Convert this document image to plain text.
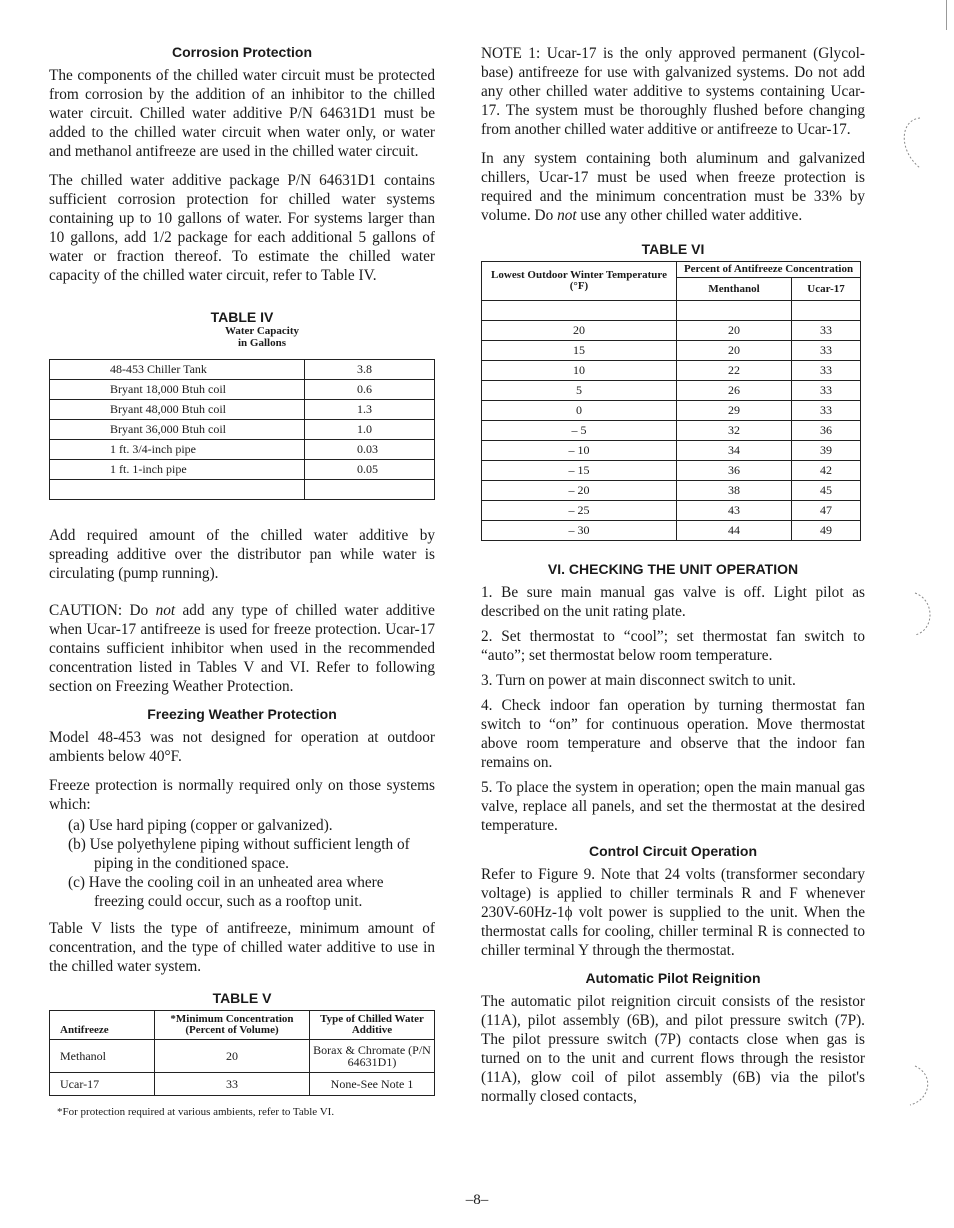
Corrosion Protection

The components of the chilled water circuit must be protected from corrosion by the addition of an inhibitor to the chilled water circuit. Chilled water additive P/N 64631D1 must be added to the chilled water circuit when water only, or water and methanol antifreeze are used in the chilled water circuit.

The chilled water additive package P/N 64631D1 contains sufficient corrosion protection for chilled water systems containing up to 10 gallons of water. For systems larger than 10 gallons, add 1/2 package for each additional 5 gallons of water or fraction thereof. To estimate the chilled water capacity of the chilled water circuit, refer to Table IV.

TABLE IV
Water Capacity
in Gallons
48-453 Chiller Tank	3.8
Bryant 18,000 Btuh coil	0.6
Bryant 48,000 Btuh coil	1.3
Bryant 36,000 Btuh coil	1.0
1 ft. 3/4-inch pipe	0.03
1 ft. 1-inch pipe	0.05

Add required amount of the chilled water additive by spreading additive over the distributor pan while water is circulating (pump running).

CAUTION: Do not add any type of chilled water additive when Ucar-17 antifreeze is used for freeze protection. Ucar-17 contains sufficient inhibitor when used in the recommended concentration listed in Tables V and VI. Refer to following section on Freezing Weather Protection.

Freezing Weather Protection

Model 48-453 was not designed for operation at outdoor ambients below 40°F.

Freeze protection is normally required only on those systems which:

(a) Use hard piping (copper or galvanized).
(b) Use polyethylene piping without sufficient length of piping in the conditioned space.
(c) Have the cooling coil in an unheated area where freezing could occur, such as a rooftop unit.

Table V lists the type of antifreeze, minimum amount of concentration, and the type of chilled water additive to use in the chilled water system.

TABLE V
Antifreeze	*Minimum Concentration (Percent of Volume)	Type of Chilled Water Additive
Methanol	20	Borax & Chromate (P/N 64631D1)
Ucar-17	33	None-See Note 1
*For protection required at various ambients, refer to Table VI.

NOTE 1: Ucar-17 is the only approved permanent (Glycol-base) antifreeze for use with galvanized systems. Do not add any other chilled water additive to systems containing Ucar-17. The system must be thoroughly flushed before changing from another chilled water additive or antifreeze to Ucar-17.

In any system containing both aluminum and galvanized chillers, Ucar-17 must be used when freeze protection is required and the minimum concentration must be 33% by volume. Do not use any other chilled water additive.

TABLE VI
Lowest Outdoor Winter Temperature (°F)	Percent of Antifreeze Concentration	
	Menthanol	Ucar-17

20	20	33
15	20	33
10	22	33
5	26	33
0	29	33
– 5	32	36
– 10	34	39
– 15	36	42
– 20	38	45
– 25	43	47
– 30	44	49
VI. CHECKING THE UNIT OPERATION

1. Be sure main manual gas valve is off. Light pilot as described on the unit rating plate.

2. Set thermostat to “cool”; set thermostat fan switch to “auto”; set thermostat below room temperature.

3. Turn on power at main disconnect switch to unit.

4. Check indoor fan operation by turning thermostat fan switch to “on” for continuous operation. Move thermostat above room temperature and observe that the indoor fan remains on.

5. To place the system in operation; open the main manual gas valve, replace all panels, and set the thermostat at the desired temperature.

Control Circuit Operation

Refer to Figure 9. Note that 24 volts (transformer secondary voltage) is applied to chiller terminals R and F whenever 230V-60Hz-1ϕ volt power is supplied to the unit. When the thermostat calls for cooling, chiller terminal R is connected to chiller terminal Y through the thermostat.

Automatic Pilot Reignition

The automatic pilot reignition circuit consists of the resistor (11A), pilot assembly (6B), and pilot pressure switch (7P). The pilot pressure switch (7P) contacts close when gas is turned on to the unit and current flows through the resistor (11A), glow coil of pilot assembly (6B) via the pilot's normally closed contacts,

–8–
